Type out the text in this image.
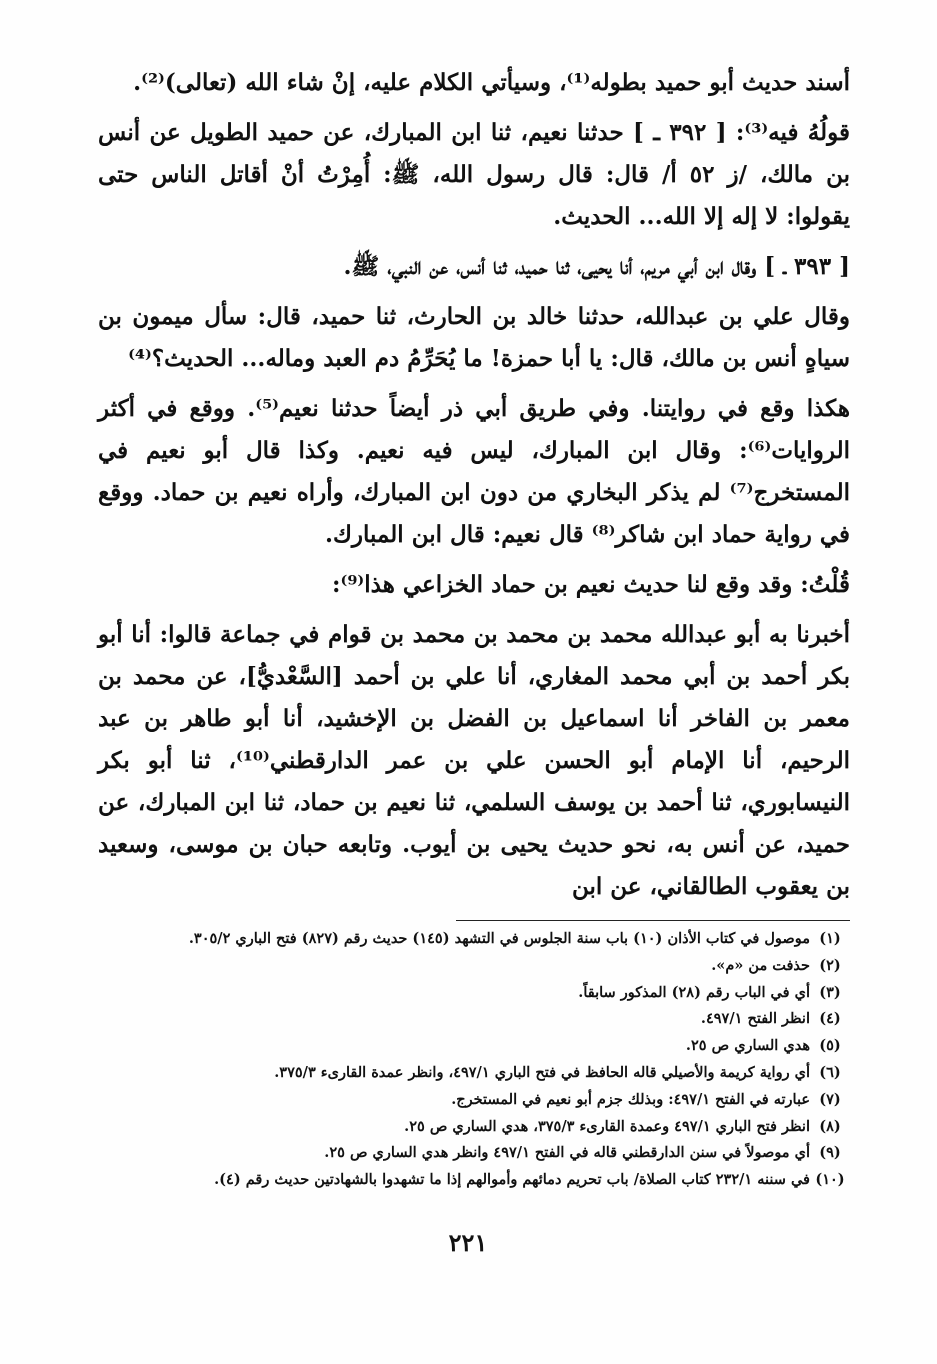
أسند حديث أبو حميد بطوله⁽¹⁾، وسيأتي الكلام عليه، إنْ شاء الله (تعالى)⁽²⁾.

قولُهُ فيه⁽³⁾: [ ٣٩٢ ـ ] حدثنا نعيم، ثنا ابن المبارك، عن حميد الطويل عن أنس بن مالك، /ز ٥٢ أ/ قال: قال رسول الله، ﷺ: أُمِرْتُ أنْ أقاتل الناس حتى يقولوا: لا إله إلا الله... الحديث.

[ ٣٩٣ ـ ] وقال ابن أبي مريم، أنا يحيى، ثنا حميد، ثنا أنس، عن النبي، ﷺ.

وقال علي بن عبدالله، حدثنا خالد بن الحارث، ثنا حميد، قال: سأل ميمون بن سياهٍ أنس بن مالك، قال: يا أبا حمزة! ما يُحَرِّمُ دم العبد وماله... الحديث؟⁽⁴⁾

هكذا وقع في روايتنا. وفي طريق أبي ذر أيضاً حدثنا نعيم⁽⁵⁾. ووقع في أكثر الروايات⁽⁶⁾: وقال ابن المبارك، ليس فيه نعيم. وكذا قال أبو نعيم في المستخرج⁽⁷⁾ لم يذكر البخاري من دون ابن المبارك، وأراه نعيم بن حماد. ووقع في رواية حماد ابن شاكر⁽⁸⁾ قال نعيم: قال ابن المبارك.

قُلْتُ: وقد وقع لنا حديث نعيم بن حماد الخزاعي هذا⁽⁹⁾:

أخبرنا به أبو عبدالله محمد بن محمد بن محمد بن قوام في جماعة قالوا: أنا أبو بكر أحمد بن أبي محمد المغاري، أنا علي بن أحمد [السَّعْديُّ]، عن محمد بن معمر بن الفاخر أنا اسماعيل بن الفضل بن الإخشيد، أنا أبو طاهر بن عبد الرحيم، أنا الإمام أبو الحسن علي بن عمر الدارقطني⁽¹⁰⁾، ثنا أبو بكر النيسابوري، ثنا أحمد بن يوسف السلمي، ثنا نعيم بن حماد، ثنا ابن المبارك، عن حميد، عن أنس به، نحو حديث يحيى بن أيوب. وتابعه حبان بن موسى، وسعيد بن يعقوب الطالقاني، عن ابن

(١)
موصول في كتاب الأذان (١٠) باب سنة الجلوس في التشهد (١٤٥) حديث رقم (٨٢٧) فتح الباري ٣٠٥/٢.
(٢)
حذفت من «م».
(٣)
أي في الباب رقم (٢٨) المذكور سابقاً.
(٤)
انظر الفتح ٤٩٧/١.
(٥)
هدي الساري ص ٢٥.
(٦)
أي رواية كريمة والأصيلي قاله الحافظ في فتح الباري ٤٩٧/١، وانظر عمدة القارىء ٣٧٥/٣.
(٧)
عبارته في الفتح ٤٩٧/١: وبذلك جزم أبو نعيم في المستخرج.
(٨)
انظر فتح الباري ٤٩٧/١ وعمدة القارىء ٣٧٥/٣، هدي الساري ص ٢٥.
(٩)
أي موصولاً في سنن الدارقطني قاله في الفتح ٤٩٧/١ وانظر هدي الساري ص ٢٥.
(١٠)
في سننه ٢٣٢/١ كتاب الصلاة/ باب تحريم دمائهم وأموالهم إذا ما تشهدوا بالشهادتين حديث رقم (٤).
٢٢١
